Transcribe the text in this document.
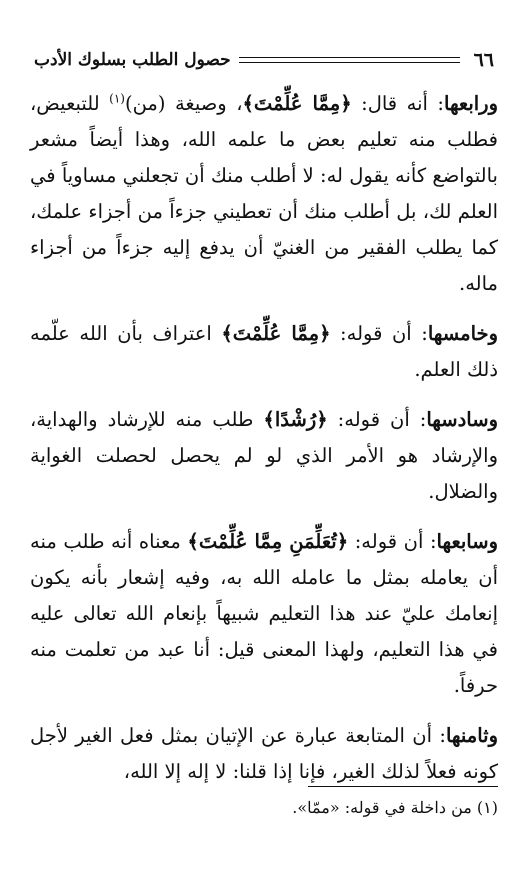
٦٦
حصول الطلب بسلوك الأدب

ورابعها: أنه قال: ﴿مِمَّا عُلِّمْتَ﴾، وصيغة (من)$^{(١)}$ للتبعيض، فطلب منه تعليم بعض ما علمه الله، وهذا أيضاً مشعر بالتواضع كأنه يقول له: لا أطلب منك أن تجعلني مساوياً في العلم لك، بل أطلب منك أن تعطيني جزءاً من أجزاء علمك، كما يطلب الفقير من الغنيّ أن يدفع إليه جزءاً من أجزاء ماله.

وخامسها: أن قوله: ﴿مِمَّا عُلِّمْتَ﴾ اعتراف بأن الله علّمه ذلك العلم.

وسادسها: أن قوله: ﴿رُشْدًا﴾ طلب منه للإرشاد والهداية، والإرشاد هو الأمر الذي لو لم يحصل لحصلت الغواية والضلال.

وسابعها: أن قوله: ﴿تُعَلِّمَنِ مِمَّا عُلِّمْتَ﴾ معناه أنه طلب منه أن يعامله بمثل ما عامله الله به، وفيه إشعار بأنه يكون إنعامك عليّ عند هذا التعليم شبيهاً بإنعام الله تعالى عليه في هذا التعليم، ولهذا المعنى قيل: أنا عبد من تعلمت منه حرفاً.

وثامنها: أن المتابعة عبارة عن الإتيان بمثل فعل الغير لأجل كونه فعلاً لذلك الغير، فإنا إذا قلنا: لا إله إلا الله،

(١) من داخلة في قوله: «ممّا».
